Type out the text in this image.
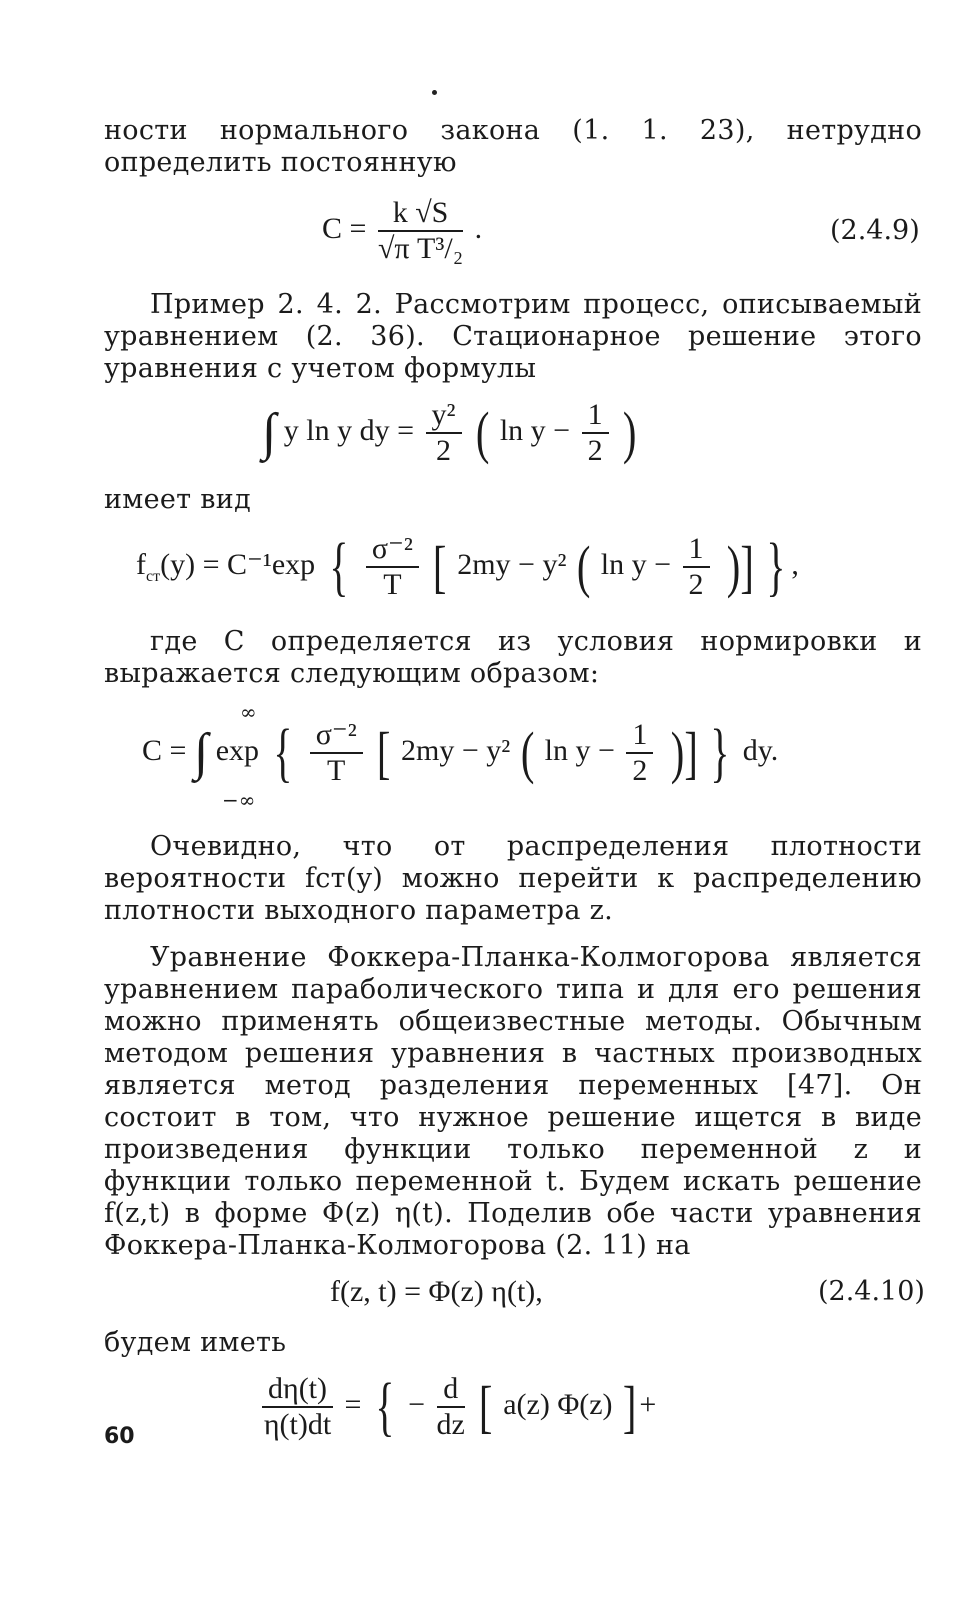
ности нормального закона (1. 1. 23), нетрудно определить постоянную
$C = \frac{k √S}{\text{√π T³/₂}}$ .	(2.4.9)
Пример 2. 4. 2. Рассмотрим процесс, описываемый уравнением (2. 36). Стационарное решение этого уравнения с учетом формулы
∫ y ln y dy = $\frac{\text{y²}}{2}$ ( $\ln y - \frac{1}{2}$ )
имеет вид
$f_{ст}(y) = C^{-1}\exp$ { $\frac{\text{σ⁻²}}{T}$ [ 2my − y² ( $\ln y - \frac{1}{2}$ )] } ,
где C определяется из условия нормировки и выражается следующим образом:
C = ∫ exp { $\frac{\text{σ⁻²}}{T}$ [ 2my − y² ( $\ln y - \frac{1}{2}$ )] } dy.
∞
−∞
Очевидно, что от распределения плотности вероятности fст(y) можно перейти к распределению плотности выходного параметра z.
Уравнение Фоккера-Планка-Колмогорова является уравнением параболического типа и для его решения можно применять общеизвестные методы. Обычным методом решения уравнения в частных производных является метод разделения переменных [47]. Он состоит в том, что нужное решение ищется в виде произведения функции только переменной z и функции только переменной t. Будем искать решение f(z,t) в форме Φ(z) η(t). Поделив обе части уравнения Фоккера-Планка-Колмогорова (2. 11) на
f(z, t) = Φ(z) η(t),	(2.4.10)
будем иметь
$\frac{d\eta(t)}{\eta(t)dt}$ = { − $\frac{d}{dz}$ [ a(z) Φ(z) ]+
60
